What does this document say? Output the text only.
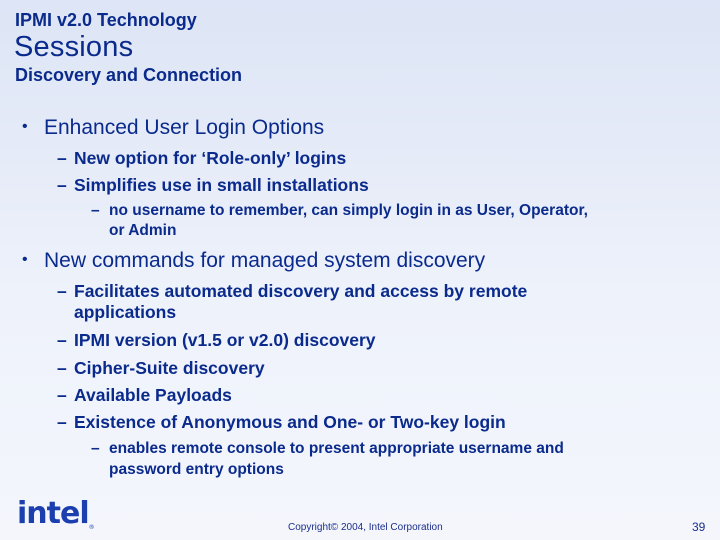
IPMI v2.0 Technology
Sessions
Discovery and Connection
• Enhanced User Login Options
– New option for ‘Role-only’ logins
– Simplifies use in small installations
– no username to remember, can simply login in as User, Operator,
or Admin
• New commands for managed system discovery
– Facilitates automated discovery and access by remote
applications
– IPMI version (v1.5 or v2.0) discovery
– Cipher-Suite discovery
– Available Payloads
– Existence of Anonymous and One- or Two-key login
– enables remote console to present appropriate username and
password entry options
intel®	Copyright© 2004, Intel Corporation	39
